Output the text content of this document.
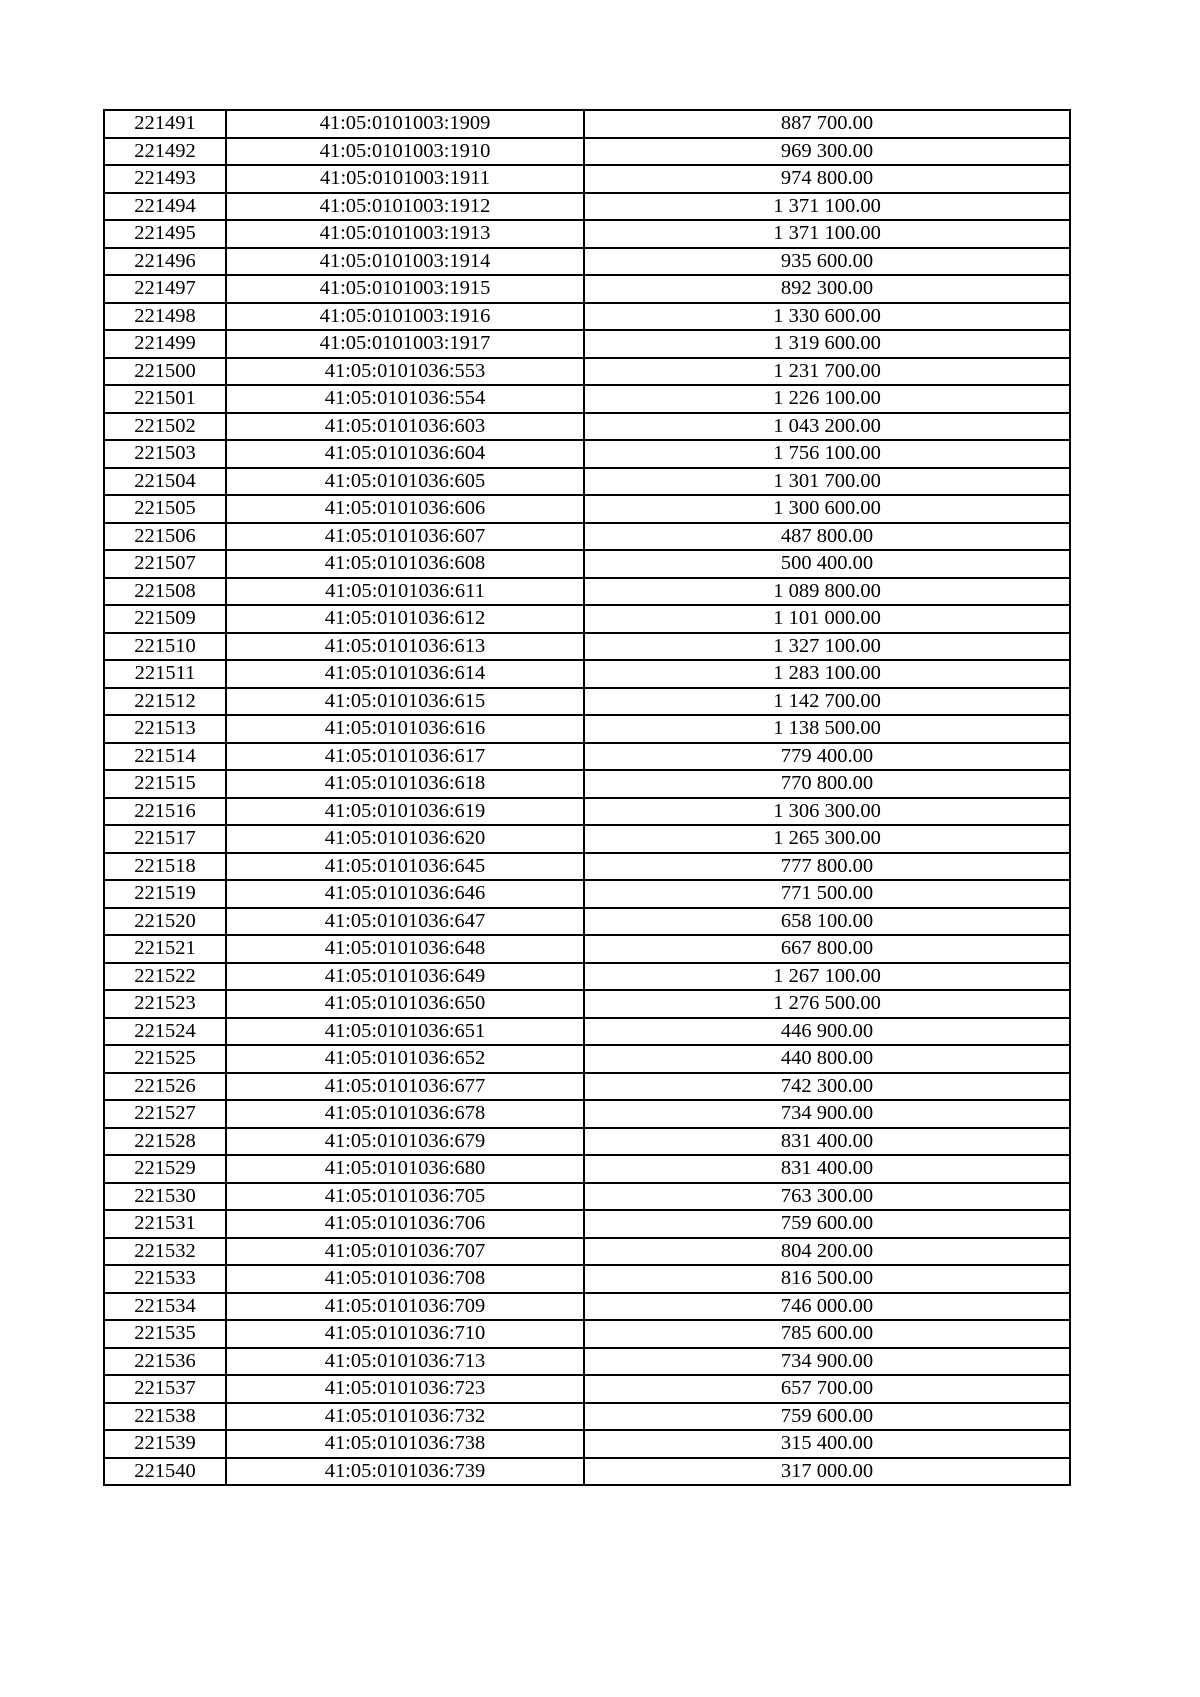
221491	41:05:0101003:1909	887 700.00
221492	41:05:0101003:1910	969 300.00
221493	41:05:0101003:1911	974 800.00
221494	41:05:0101003:1912	1 371 100.00
221495	41:05:0101003:1913	1 371 100.00
221496	41:05:0101003:1914	935 600.00
221497	41:05:0101003:1915	892 300.00
221498	41:05:0101003:1916	1 330 600.00
221499	41:05:0101003:1917	1 319 600.00
221500	41:05:0101036:553	1 231 700.00
221501	41:05:0101036:554	1 226 100.00
221502	41:05:0101036:603	1 043 200.00
221503	41:05:0101036:604	1 756 100.00
221504	41:05:0101036:605	1 301 700.00
221505	41:05:0101036:606	1 300 600.00
221506	41:05:0101036:607	487 800.00
221507	41:05:0101036:608	500 400.00
221508	41:05:0101036:611	1 089 800.00
221509	41:05:0101036:612	1 101 000.00
221510	41:05:0101036:613	1 327 100.00
221511	41:05:0101036:614	1 283 100.00
221512	41:05:0101036:615	1 142 700.00
221513	41:05:0101036:616	1 138 500.00
221514	41:05:0101036:617	779 400.00
221515	41:05:0101036:618	770 800.00
221516	41:05:0101036:619	1 306 300.00
221517	41:05:0101036:620	1 265 300.00
221518	41:05:0101036:645	777 800.00
221519	41:05:0101036:646	771 500.00
221520	41:05:0101036:647	658 100.00
221521	41:05:0101036:648	667 800.00
221522	41:05:0101036:649	1 267 100.00
221523	41:05:0101036:650	1 276 500.00
221524	41:05:0101036:651	446 900.00
221525	41:05:0101036:652	440 800.00
221526	41:05:0101036:677	742 300.00
221527	41:05:0101036:678	734 900.00
221528	41:05:0101036:679	831 400.00
221529	41:05:0101036:680	831 400.00
221530	41:05:0101036:705	763 300.00
221531	41:05:0101036:706	759 600.00
221532	41:05:0101036:707	804 200.00
221533	41:05:0101036:708	816 500.00
221534	41:05:0101036:709	746 000.00
221535	41:05:0101036:710	785 600.00
221536	41:05:0101036:713	734 900.00
221537	41:05:0101036:723	657 700.00
221538	41:05:0101036:732	759 600.00
221539	41:05:0101036:738	315 400.00
221540	41:05:0101036:739	317 000.00
